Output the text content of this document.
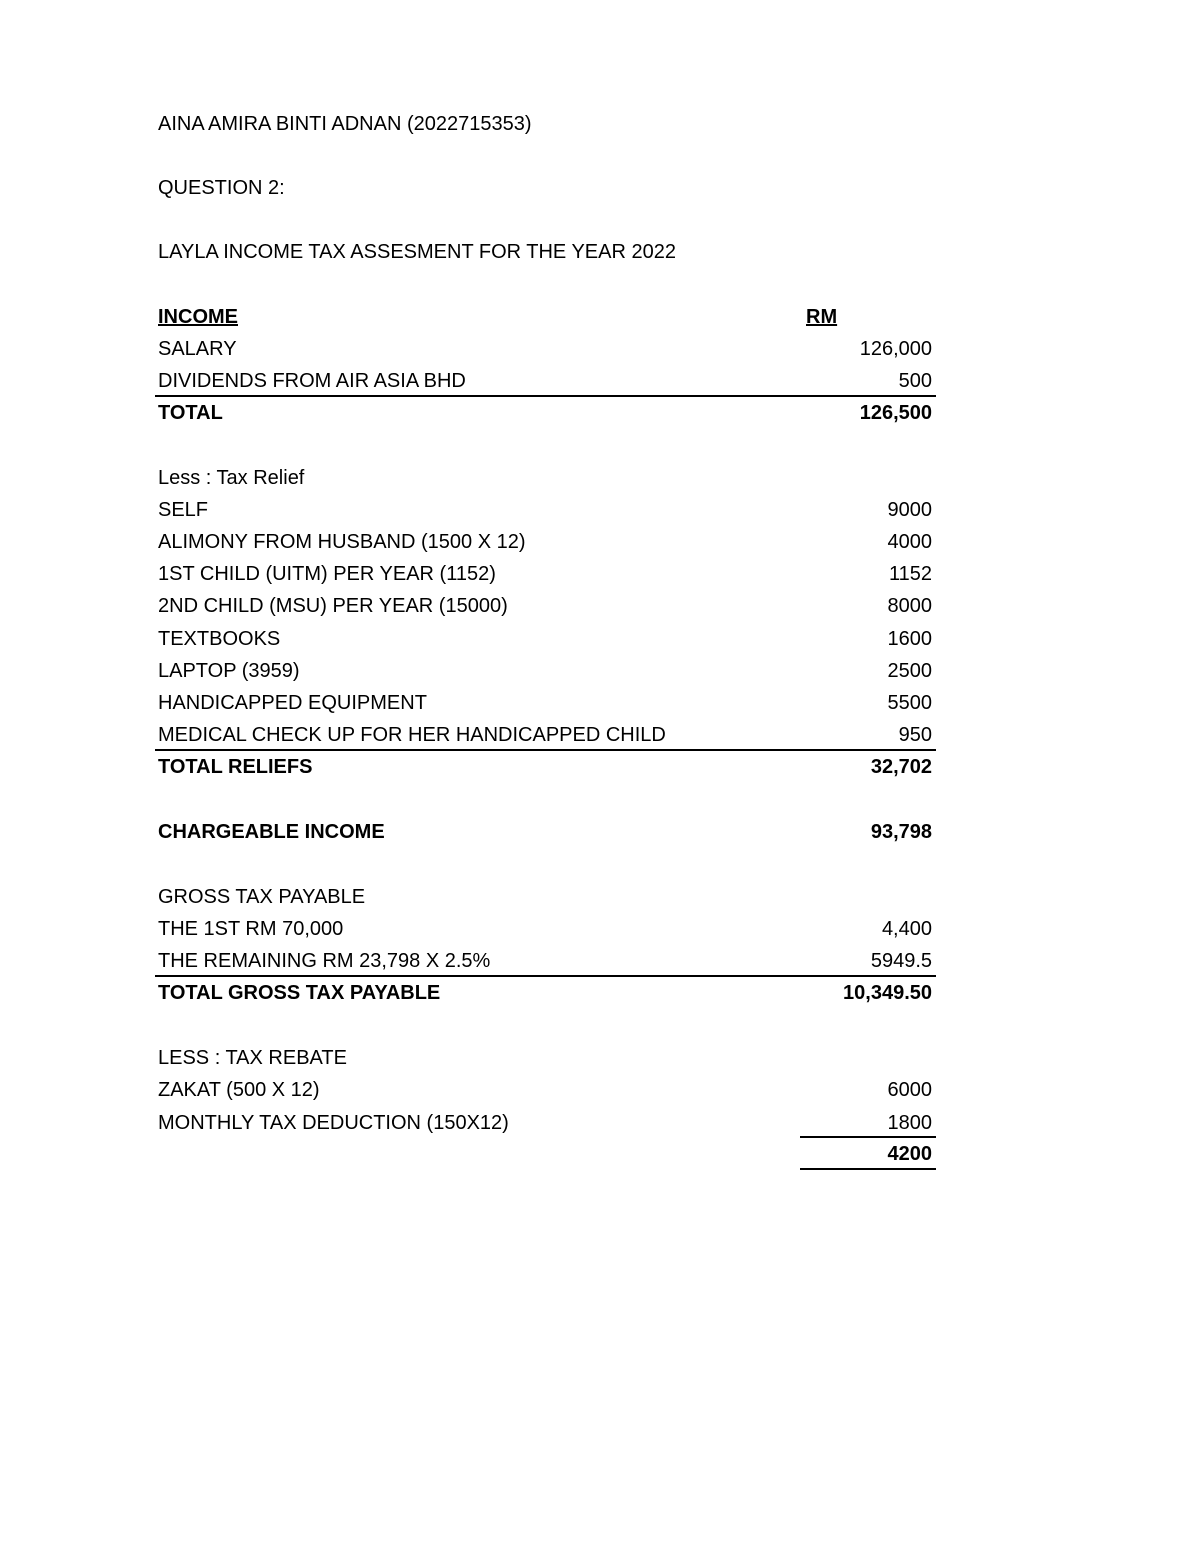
AINA AMIRA BINTI ADNAN (2022715353)
QUESTION 2:
LAYLA INCOME TAX ASSESMENT FOR THE YEAR 2022
INCOME	RM
SALARY	126,000
DIVIDENDS FROM AIR ASIA BHD	500
TOTAL	126,500
Less : Tax Relief
SELF	9000
ALIMONY FROM HUSBAND (1500 X 12)	4000
1ST CHILD (UITM) PER YEAR (1152)	1152
2ND CHILD (MSU) PER YEAR (15000)	8000
TEXTBOOKS	1600
LAPTOP (3959)	2500
HANDICAPPED EQUIPMENT	5500
MEDICAL CHECK UP FOR HER HANDICAPPED CHILD	950
TOTAL RELIEFS	32,702
CHARGEABLE INCOME	93,798
GROSS TAX PAYABLE
THE 1ST RM 70,000	4,400
THE REMAINING RM 23,798 X 2.5%	5949.5
TOTAL GROSS TAX PAYABLE	10,349.50
LESS : TAX REBATE
ZAKAT (500 X 12)	6000
MONTHLY TAX DEDUCTION (150X12)	1800
4200
